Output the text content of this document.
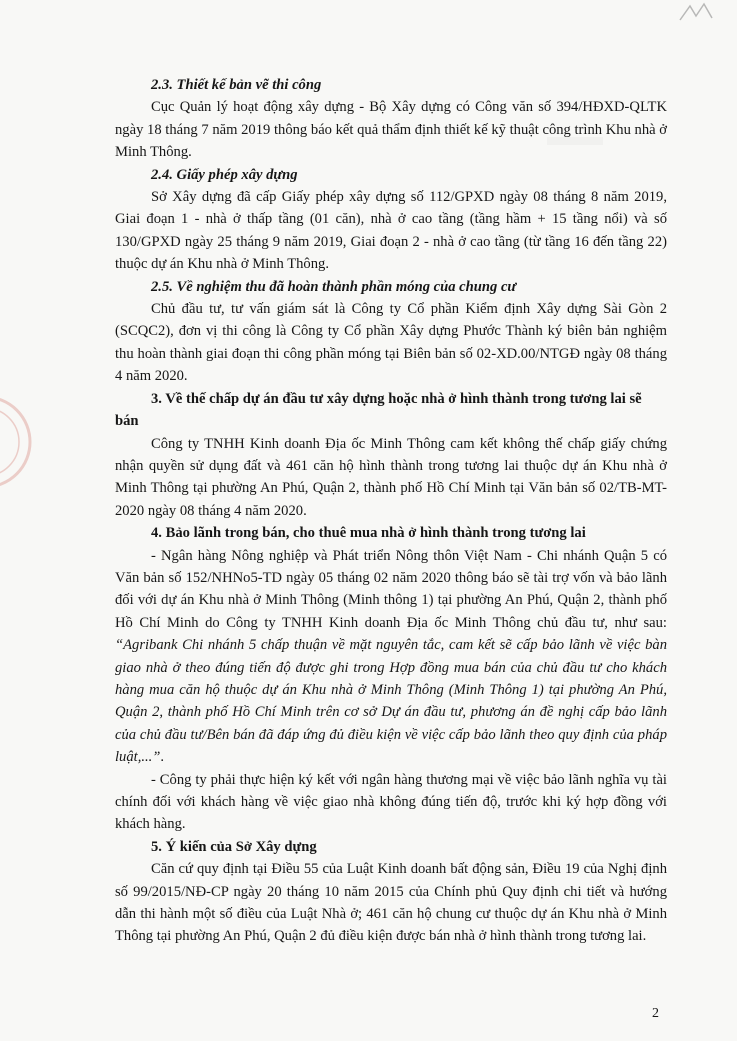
2.3. Thiết kế bản vẽ thi công

Cục Quản lý hoạt động xây dựng - Bộ Xây dựng có Công văn số 394/HĐXD-QLTK ngày 18 tháng 7 năm 2019 thông báo kết quả thẩm định thiết kế kỹ thuật công trình Khu nhà ở Minh Thông.

2.4. Giấy phép xây dựng

Sở Xây dựng đã cấp Giấy phép xây dựng số 112/GPXD ngày 08 tháng 8 năm 2019, Giai đoạn 1 - nhà ở thấp tầng (01 căn), nhà ở cao tầng (tầng hầm + 15 tầng nổi) và số 130/GPXD ngày 25 tháng 9 năm 2019, Giai đoạn 2 - nhà ở cao tầng (từ tầng 16 đến tầng 22) thuộc dự án Khu nhà ở Minh Thông.

2.5. Về nghiệm thu đã hoàn thành phần móng của chung cư

Chủ đầu tư, tư vấn giám sát là Công ty Cổ phần Kiểm định Xây dựng Sài Gòn 2 (SCQC2), đơn vị thi công là Công ty Cổ phần Xây dựng Phước Thành ký biên bản nghiệm thu hoàn thành giai đoạn thi công phần móng tại Biên bản số 02-XD.00/NTGĐ ngày 08 tháng 4 năm 2020.

3. Về thế chấp dự án đầu tư xây dựng hoặc nhà ở hình thành trong tương lai sẽ bán

Công ty TNHH Kinh doanh Địa ốc Minh Thông cam kết không thế chấp giấy chứng nhận quyền sử dụng đất và 461 căn hộ hình thành trong tương lai thuộc dự án Khu nhà ở Minh Thông tại phường An Phú, Quận 2, thành phố Hồ Chí Minh tại Văn bản số 02/TB-MT-2020 ngày 08 tháng 4 năm 2020.

4. Bảo lãnh trong bán, cho thuê mua nhà ở hình thành trong tương lai

- Ngân hàng Nông nghiệp và Phát triển Nông thôn Việt Nam - Chi nhánh Quận 5 có Văn bản số 152/NHNo5-TD ngày 05 tháng 02 năm 2020 thông báo sẽ tài trợ vốn và bảo lãnh đối với dự án Khu nhà ở Minh Thông (Minh thông 1) tại phường An Phú, Quận 2, thành phố Hồ Chí Minh do Công ty TNHH Kinh doanh Địa ốc Minh Thông chủ đầu tư, như sau: “Agribank Chi nhánh 5 chấp thuận về mặt nguyên tắc, cam kết sẽ cấp bảo lãnh về việc bàn giao nhà ở theo đúng tiến độ được ghi trong Hợp đồng mua bán của chủ đầu tư cho khách hàng mua căn hộ thuộc dự án Khu nhà ở Minh Thông (Minh Thông 1) tại phường An Phú, Quận 2, thành phố Hồ Chí Minh trên cơ sở Dự án đầu tư, phương án đề nghị cấp bảo lãnh của chủ đầu tư/Bên bán đã đáp ứng đủ điều kiện về việc cấp bảo lãnh theo quy định của pháp luật,...”.

- Công ty phải thực hiện ký kết với ngân hàng thương mại về việc bảo lãnh nghĩa vụ tài chính đối với khách hàng về việc giao nhà không đúng tiến độ, trước khi ký hợp đồng với khách hàng.

5. Ý kiến của Sở Xây dựng

Căn cứ quy định tại Điều 55 của Luật Kinh doanh bất động sản, Điều 19 của Nghị định số 99/2015/NĐ-CP ngày 20 tháng 10 năm 2015 của Chính phủ Quy định chi tiết và hướng dẫn thi hành một số điều của Luật Nhà ở; 461 căn hộ chung cư thuộc dự án Khu nhà ở Minh Thông tại phường An Phú, Quận 2 đủ điều kiện được bán nhà ở hình thành trong tương lai.

2
